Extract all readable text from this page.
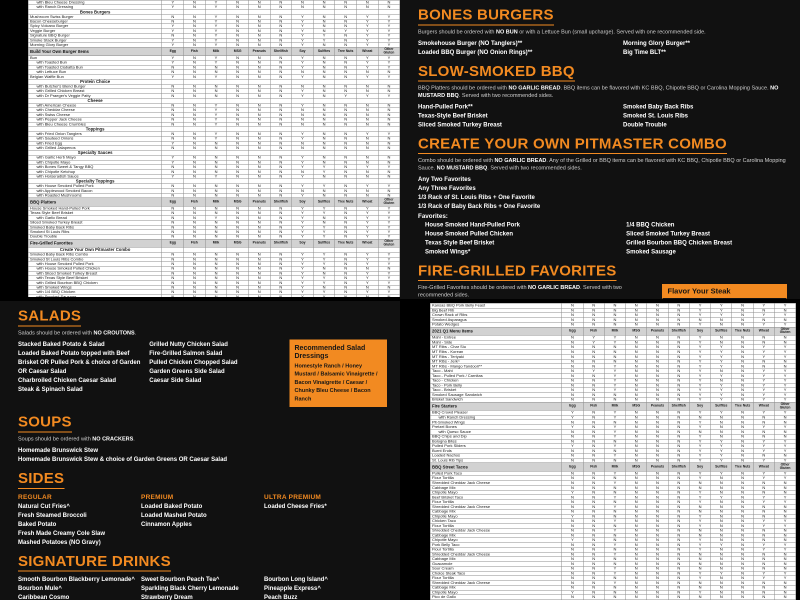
with Bleu Cheese Dressing	Y	N	Y	N	N	N	N	N	N	N	N
with Ranch Dressing	Y	N	Y	N	N	N	N	N	N	N	N
Bones Burgers											
Mushroom Swiss Burger	N	N	Y	N	N	N	Y	N	N	Y	Y
Bacon Cheeseburger	N	N	Y	N	N	N	Y	N	N	Y	Y
Spicy Volcano Burger	Y	N	Y	N	N	N	Y	N	N	Y	Y
Veggie Burger	Y	N	Y	N	N	N	Y	N	Y	Y	Y
Signature BBQ Burger	N	N	Y	N	N	N	Y	Y	N	Y	Y
Smoke Stack Burger	Y	N	Y	N	N	N	Y	Y	N	Y	Y
Morning Glory Burger	Y	N	Y	N	N	N	Y	N	N	Y	Y
Build Your Own Burger Items	Egg	Fish	Milk	MSG	Peanuts	Shellfish	Soy	Sulfites	Tree Nuts	Wheat	Other Gluten
Bun	Y	N	Y	N	N	N	Y	N	N	Y	Y
with Toasted Bun	Y	N	Y	N	N	N	Y	N	N	Y	Y
with Toasted Ciabatta Bun	N	N	N	N	N	N	Y	N	N	Y	Y
with Lettuce Bun	N	N	N	N	N	N	N	N	N	N	N
Belgian Waffle Bun	Y	N	Y	N	N	N	Y	N	N	Y	Y
Protein Choice											
with Butcher's Blend Burger	N	N	N	N	N	N	N	N	N	N	N
with Grilled Chicken Breast	N	N	N	N	N	N	Y	N	N	N	N
with Dr Praeger's Veggie Patty	N	N	N	N	N	N	Y	N	Y	Y	Y
Cheese											
with American Cheese	N	N	Y	N	N	N	Y	N	N	N	N
with Cheddar Cheese	N	N	Y	N	N	N	N	N	N	N	N
with Swiss Cheese	N	N	Y	N	N	N	N	N	N	N	N
with Pepper Jack Cheese	N	N	Y	N	N	N	N	N	N	N	N
with Bleu Cheese Crumbles	N	N	Y	N	N	N	N	N	N	N	N
Toppings											
with Fried Onion Tanglers	N	N	Y	N	N	N	Y	N	N	Y	Y
with Sauteed Onions	N	N	Y	N	N	N	Y	N	N	N	N
with Fried Egg	Y	N	N	N	N	N	N	N	N	N	N
with Grilled Jalapenos	N	N	N	N	N	N	N	N	N	N	N
Specialty Sauces											
with Garlic Herb Mayo	Y	N	N	N	N	N	Y	N	N	N	N
with Chipotle Mayo	Y	N	N	N	N	N	Y	N	N	N	N
with Bones Sweet & Tangy BBQ	N	N	N	N	N	N	Y	Y	N	Y	Y
with Chipotle Ketchup	N	N	N	N	N	N	N	Y	N	N	N
with Horseradish Sauce	Y	N	Y	N	N	N	Y	N	N	N	N
Specialty Toppings											
with House Smoked Pulled Pork	N	N	N	N	N	N	Y	Y	N	Y	Y
with Applewood Smoked Bacon	N	N	N	N	N	N	N	N	N	N	N
with Roasted Mushrooms	N	N	N	N	N	N	Y	N	N	N	N
BBQ Platters	Egg	Fish	Milk	MSG	Peanuts	Shellfish	Soy	Sulfites	Tree Nuts	Wheat	Other Gluten
House Smoked Hand-Pulled Pork	N	N	N	N	N	N	Y	Y	N	Y	Y
Texas Style Beef Brisket	N	N	N	N	N	N	Y	Y	N	Y	Y
with Garlic Bread	N	N	Y	N	N	N	Y	N	N	Y	Y
Sliced Smoked Turkey Breast	N	N	N	N	N	N	Y	N	N	Y	Y
Smoked Baby Back Ribs	N	N	N	N	N	N	Y	Y	N	Y	Y
Smoked St Louis Ribs	N	N	N	N	N	N	Y	Y	N	Y	Y
Double Trouble	N	N	N	N	N	N	Y	Y	N	Y	Y
Fire-Grilled Favorites	Egg	Fish	Milk	MSG	Peanuts	Shellfish	Soy	Sulfites	Tree Nuts	Wheat	Other Gluten
Create Your Own Pitmaster Combo											
Smoked Baby Back Ribs Combo	N	N	N	N	N	N	Y	Y	N	Y	Y
Smoked St Louis Ribs Combo	N	N	N	N	N	N	Y	Y	N	Y	Y
with House Smoked Pulled Pork	N	N	N	N	N	N	Y	Y	N	Y	Y
with House Smoked Pulled Chicken	N	N	N	N	N	N	Y	N	N	N	N
with Sliced Smoked Turkey Breast	N	N	N	N	N	N	Y	N	N	Y	Y
with Texas Style Beef Brisket	N	N	N	N	N	N	Y	Y	N	Y	Y
with Grilled Bourbon BBQ Chicken	N	N	N	N	N	N	Y	Y	N	Y	Y
with Smoked Wings	N	N	N	N	N	N	Y	N	N	N	N
with 1/4 BBQ Chicken	N	N	N	N	N	N	Y	Y	N	Y	Y
with Smoked Sausage	N	N	N	N	N	N	Y	Y	N	N	N
BONES BURGERS
Burgers should be ordered with NO BUN or with a Lettuce Bun (small upcharge). Served with one recommended side.
Smokehouse Burger (NO Tanglers)**
Loaded BBQ Burger (NO Onion Rings)**
Morning Glory Burger**
Big Time BLT**
SLOW-SMOKED BBQ
BBQ Platters should be ordered with NO GARLIC BREAD. BBQ items can be flavored with KC BBQ, Chipotle BBQ or Carolina Mopping Sauce. NO MUSTARD BBQ. Served with two recommended sides.
Hand-Pulled Pork**
Texas-Style Beef Brisket
Sliced Smoked Turkey Breast
Smoked Baby Back Ribs
Smoked St. Louis Ribs
Double Trouble
CREATE YOUR OWN PITMASTER COMBO
Combo should be ordered with NO GARLIC BREAD. Any of the Grilled or BBQ items can be flavored with KC BBQ, Chipotle BBQ or Carolina Mopping Sauce. NO MUSTARD BBQ. Served with two recommended sides.
Any Two Favorites
Any Three Favorites
1/3 Rack of St. Louis Ribs + One Favorite
1/3 Rack of Baby Back Ribs + One Favorite
Favorites:
House Smoked Hand-Pulled Pork
House Smoked Pulled Chicken
Texas Style Beef Brisket
Smoked Wings*
1/4 BBQ Chicken
Sliced Smoked Turkey Breast
Grilled Bourbon BBQ Chicken Breast
Smoked Sausage
FIRE-GRILLED FAVORITES
Fire-Grilled Favorites should be ordered with NO GARLIC BREAD. Served with two recommended sides.	Flavor Your Steak
SALADS
Salads should be ordered with NO CROUTONS.
Stacked Baked Potato & Salad
Loaded Baked Potato topped with Beef Brisket OR Pulled Pork & choice of Garden OR Caesar Salad
Charbroiled Chicken Caesar Salad
Steak & Spinach Salad
Grilled Nutty Chicken Salad
Fire-Grilled Salmon Salad
Pulled Chicken Chopped Salad
Garden Greens Side Salad
Caesar Side Salad
Recommended Salad Dressings
Homestyle Ranch / Honey Mustard / Balsamic Vinaigrette / Bacon Vinaigrette / Caesar / Chunky Bleu Cheese / Bacon Ranch
SOUPS
Soups should be ordered with NO CRACKERS.
Homemade Brunswick Stew
Homemade Brunswick Stew & choice of Garden Greens OR Caesar Salad
SIDES
REGULAR
Natural Cut Fries^
Fresh Steamed Broccoli
Baked Potato
Fresh Made Creamy Cole Slaw
Mashed Potatoes (NO Gravy)
PREMIUM
Loaded Baked Potato
Loaded Mashed Potato
Cinnamon Apples
ULTRA PREMIUM
Loaded Cheese Fries*
SIGNATURE DRINKS
Smooth Bourbon Blackberry Lemonade^
Bourbon Mule^
Caribbean Cosmo
Sweet Bourbon Peach Tea^
Sparkling Black Cherry Lemonade
Strawberry Dream
Bourbon Long Island^
Pineapple Express^
Peach Buzz
Kansas BBQ Pork Belly Feast	N	N	N	N	N	N	Y	Y	N	Y	Y
Big Beef Rib	N	N	N	N	N	N	Y	Y	N	N	N
Crown Rack of Ribs	N	N	N	N	N	N	Y	Y	N	Y	Y
Smoked Asparagus	N	N	N	N	N	N	N	N	N	N	N
Potato Wedges	N	N	N	N	N	N	Y	N	N	Y	Y
2021 Q1 Menu Items	Egg	Fish	Milk	MSG	Peanuts	Shellfish	Soy	Sulfites	Tree Nuts	Wheat	Other Gluten
Mahi - Entree	N	Y	Y	N	N	N	Y	N	N	N	N
Mahi - Side	N	Y	Y	N	N	N	Y	N	N	N	N
MT Ribs - Char Siu	N	N	N	N	N	N	Y	Y	N	Y	Y
MT Ribs - Korean	N	N	N	N	N	N	Y	Y	N	Y	Y
MT Ribs - Teriyaki	N	N	N	N	N	N	Y	Y	N	Y	Y
MT Ribs - Jerk^	N	N	N	N	N	N	Y	Y	N	N	N
MT Ribs - Mango Tandoori**	N	N	Y	N	N	N	Y	Y	N	N	N
Taco - Mahi	N	Y	Y	N	N	N	Y	N	N	Y	Y
Taco - Pulled Pork / Carnitas	N	N	Y	N	N	N	Y	Y	N	Y	Y
Taco - Chicken	N	N	Y	N	N	N	Y	N	N	Y	Y
Taco - Pork Belly	N	N	Y	N	N	N	Y	Y	N	Y	Y
Taco - Brisket	N	N	Y	N	N	N	Y	Y	N	Y	Y
Smoked Sausage Sandwich	N	N	N	N	N	N	Y	Y	N	Y	Y
Brisket Sandwich	N	N	N	N	N	N	Y	Y	N	Y	Y
Fire Starters	Egg	Fish	Milk	MSG	Peanuts	Shellfish	Soy	Sulfites	Tree Nuts	Wheat	Other Gluten
BBQ Crowd Pleaser	Y	N	Y	N	N	N	Y	Y	N	Y	Y
with Ranch Dressing	Y	N	Y	N	N	N	N	N	N	N	N
Pit-Smoked Wings	N	N	N	N	N	N	Y	N	N	N	N
Pretzel Bones	Y	N	Y	N	N	N	Y	N	N	Y	Y
with Queso Sauce	N	N	Y	N	N	N	N	N	N	N	N
BBQ Chips and Dip	N	N	Y	N	N	N	Y	N	N	N	N
Bologna Bites	N	N	N	N	N	N	Y	Y	N	Y	Y
Pulled Pork Sliders	Y	N	Y	N	N	N	Y	Y	N	Y	Y
Burnt Ends	N	N	N	N	N	N	Y	Y	N	Y	Y
Loaded Nachos	N	N	Y	N	N	N	Y	Y	N	N	N
St. Louis Rib Tips	N	N	N	N	N	N	Y	Y	N	Y	Y
BBQ Street Tacos	Egg	Fish	Milk	MSG	Peanuts	Shellfish	Soy	Sulfites	Tree Nuts	Wheat	Other Gluten
Pulled Pork Taco	N	N	Y	N	N	N	Y	Y	N	Y	Y
Flour Tortilla	N	N	N	N	N	N	Y	N	N	Y	Y
Shredded Cheddar Jack Cheese	N	N	Y	N	N	N	N	N	N	N	N
Cabbage Mix	N	N	N	N	N	N	N	N	N	N	N
Chipotle Mayo	Y	N	N	N	N	N	Y	N	N	N	N
Beef Brisket Taco	N	N	Y	N	N	N	Y	Y	N	Y	Y
Flour Tortilla	N	N	N	N	N	N	Y	N	N	Y	Y
Shredded Cheddar Jack Cheese	N	N	Y	N	N	N	N	N	N	N	N
Cabbage Mix	N	N	N	N	N	N	N	N	N	N	N
Chipotle Mayo	Y	N	N	N	N	N	Y	N	N	N	N
Chicken Taco	N	N	Y	N	N	N	Y	N	N	Y	Y
Flour Tortilla	N	N	N	N	N	N	Y	N	N	Y	Y
Shredded Cheddar Jack Cheese	N	N	Y	N	N	N	N	N	N	N	N
Cabbage Mix	N	N	N	N	N	N	N	N	N	N	N
Chipotle Mayo	Y	N	N	N	N	N	Y	N	N	N	N
Pork Belly Taco	N	N	Y	N	N	N	Y	Y	N	Y	Y
Flour Tortilla	N	N	N	N	N	N	Y	N	N	Y	Y
Shredded Cheddar Jack Cheese	N	N	Y	N	N	N	N	N	N	N	N
Cabbage Mix	N	N	N	N	N	N	N	N	N	N	N
Guacamole	N	N	N	N	N	N	N	N	N	N	N
Sour Cream	N	N	Y	N	N	N	N	N	N	N	N
Choice Steak Taco	N	N	Y	N	N	N	Y	Y	N	Y	Y
Flour Tortilla	N	N	N	N	N	N	Y	N	N	Y	Y
Shredded Cheddar Jack Cheese	N	N	Y	N	N	N	N	N	N	N	N
Cabbage Mix	N	N	N	N	N	N	N	N	N	N	N
Chipotle Mayo	Y	N	N	N	N	N	Y	N	N	N	N
Pico de Gallo	N	N	N	N	N	N	N	N	N	N	N
